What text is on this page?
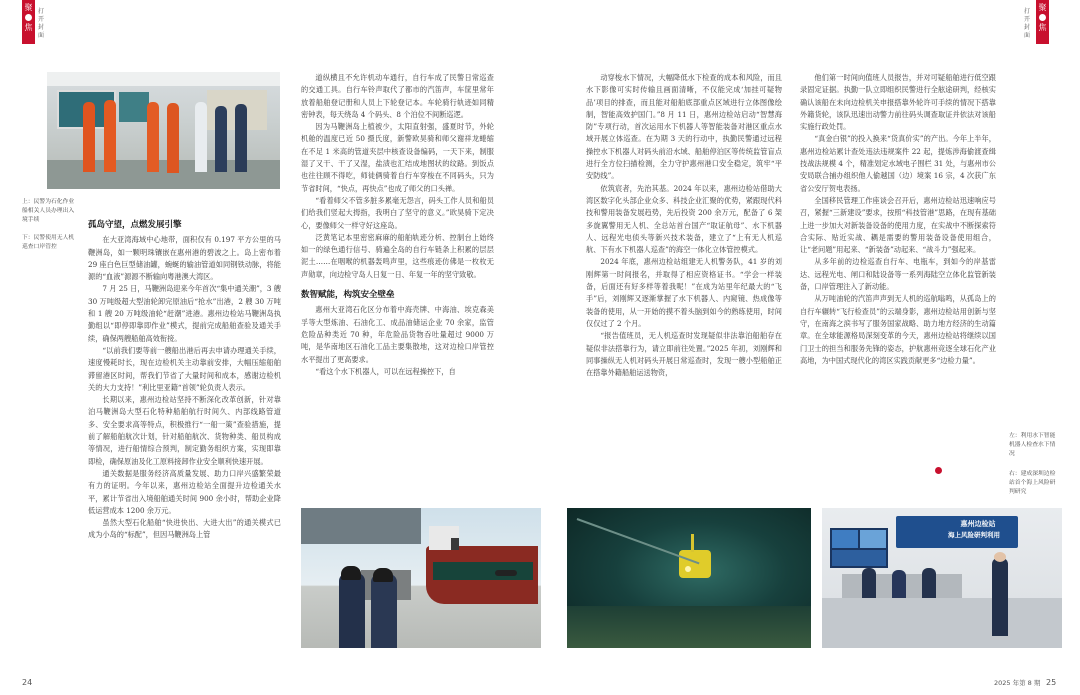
聚
焦
打开封面
聚
焦
打开封面
上：民警为石化作业船相关人员办理出入境手续
下：民警使用无人机巡查口岸管控
孤岛守望，点燃发展引擎

在大亚湾海域中心地带，面积仅有 0.197 平方公里的马鞭洲岛，如一颗明珠镶嵌在惠州港的碧波之上。岛上密布着 29 座白色巨型储油罐，蜿蜒的输油管道如同钢铁动脉，将能源的“血液”源源不断输向粤港澳大湾区。

7 月 25 日，马鞭洲岛迎来今年首次“集中通关潮”，3 艘 30 万吨级超大型油轮卸完原油后“抢水”出港，2 艘 30 万吨和 1 艘 20 万吨级油轮“赶潮”进港。惠州边检站马鞭洲岛执勤组以“即停即靠即作业”模式，提前完成船舶查验及通关手续，确保两艘船舶高效衔接。

“以前我们要等前一艘船出港后再去申请办理通关手续，速度慢耗时长，现在边检机关主动靠前安排，大幅压缩船舶滞留港区时间，帮我们节省了大量时间和成本，感谢边检机关的大力支持！”利比里亚籍“首领”轮负责人表示。

长期以来，惠州边检站坚持不断深化改革创新，针对靠泊马鞭洲岛大型石化特种船舶航行时间久、内部线路管道多、安全要求高等特点，积极推行“一船一策”查验措施，提前了解船舶航次计划，针对船舶航次、货物种类、船员构成等情况，进行船情综合预判，制定勤务组织方案，实现即靠即检，确保原油及化工原料接卸作业安全顺利快速开展。

通关数据是服务经济高质量发展、助力口岸兴盛繁荣最有力的证明。今年以来，惠州边检站全面提升边检通关水平，累计节省出入境船舶通关时间 900 余小时，帮助企业降低运营成本 1200 余万元。

虽然大型石化船舶“快进快出、大进大出”的通关模式已成为小岛的“标配”，但因马鞭洲岛上管

道纵横且不允许机动车通行，自行车成了民警日常巡查的交通工具。自行车铃声取代了都市的汽笛声，车筐里常年放着船舶登记册和人员上下轮登记本。车轮骑行轨迹如同精密钟表，每天绕岛 4 个码头、8 个泊位不间断巡逻。

因为马鞭洲岛上植被少，太阳直射强，盛夏时节，外轮机舱的温度已近 50 摄氏度，新警欧昊骑和师父谢祥龙蜷缩在不足 1 米高的管道夹层中核查设备编码，一天下来，制服湿了又干、干了又湿，盐渍也汇结成地图状的纹路。到饭点也往往顾不得吃，师徒俩骑着自行车穿梭在不同码头，只为节省时间，“快点，再快点”也成了师父的口头禅。

“看着师父不管多脏多累毫无怨言，码头工作人员和船员们给我们竖起大拇指，我明白了坚守的意义。”欧昊骑下定决心，要像师父一样守好这座岛。

泛黄笔记本里密密麻麻的船舶轨迹分析、控制台上始终如一的绿色通行信号、骑遍全岛的自行车链条上积累的层层泥土……在咽喉的机器轰鸣声里，这些痕迹仿佛是一枚枚无声勋章，向边检守岛人日复一日、年复一年的坚守致敬。

数智赋能，构筑安全壁垒

惠州大亚湾石化区分布着中海壳牌、中海油、埃克森美孚等大型炼油、石油化工、成品油储运企业 70 余家，监管危险品种类近 70 种，年危险品货物吞吐量超过 9000 万吨，是华南地区石油化工品主要集散地，这对边检口岸管控水平提出了更高要求。

“看这个水下机器人，可以在远程操控下，自

动穿梭水下情况，大幅降低水下检查的成本和风险，而且水下影像可实时传输且画面清晰，不仅能完成‘加挂可疑物品’项目的排查，而且能对船舶底部重点区域进行立体图像绘制，智能高效护国门。”8 月 11 日，惠州边检站启动“智慧海防”专项行动，首次运用水下机器人等智能装备对港区重点水域开展立体巡查。在为期 3 天的行动中，执勤民警通过远程操控水下机器人对码头前沿水域、船舶停泊区等传统监管盲点进行全方位扫描检测，全力守护惠州港口安全稳定，筑牢“平安防线”。

依筑宸者，先治其基。2024 年以来，惠州边检站借助大湾区数字化头部企业众多、科技企业汇聚的优势，紧跟现代科技和警用装备发展趋势，先后投资 200 余万元，配备了 6 架多旋翼警用无人机、全总站首台国产“取证航母”、水下机器人、远程光电侦头等新兴技术装备，建立了“上有无人机巡航、下有水下机器人巡查”的海空一体化立体管控模式。

2024 年底，惠州边检站组建无人机警务队，41 岁的刘刚辉第一时间报名，并取得了相应资格证书。“学会一样装备，后面还有好多样等着我呢！”在成为站里年纪最大的“飞手”后，刘刚辉又逐渐掌握了水下机器人、内窥镜、热成像等装备的使用，从一开始的摸不着头脑到如今的熟练使用，时间仅仅过了 2 个月。

“报告值班员，无人机巡查时发现疑似非法靠泊船舶存在疑似非法搭靠行为，请立即前往处置。”2025 年初，刘刚辉和同事操纵无人机对码头开展日常巡查时，发现一艘小型船舶正在搭靠外籍船舶运送物资，

他们第一时间向值班人员报告，并对可疑船舶进行低空跟录固定证据。执勤一队立即组织民警进行全舷途研判，经核实确认该船在未向边检机关申报搭靠外轮许可手续的情况下搭靠外籍货轮，该队迅速出动警力前往码头调查取证并依法对该船实施行政处罚。

“真金白银”的投入换来“货真价实”的产出。今年上半年，惠州边检站累计查处违法违规案件 22 起，提炼涉海偷渡查缉技战法规模 4 个，精准划定水域电子围栏 31 处，与惠州市公安局联合捕办组织他人偷越国（边）境案 16 宗，4 次获广东省公安厅贺电表扬。

全国移民管理工作座谈会召开后，惠州边检站迅速响应号召，紧握“三新建设”要求，按照“科技管港”思路，在现有基础上进一步加大对新装备设备的使用力度，在实战中不断探索符合实际、贴近实战、耦是需要的警用装备设备使用组合，让“老问题”用起来、“新装备”动起来、“战斗力”强起来。

从多年前的边检巡查自行车、电瓶车，到如今的岸基雷达、远程光电、闸口和陆设备等一系列海陆空立体化监管新装备，口岸管理注入了新动能。

从万吨油轮的汽笛声声到无人机的巡航嗡鸣，从孤岛上的自行车辗转“飞行检查员”的云端身影，惠州边检站用创新与坚守，在南海之滨书写了服务国家战略、助力地方经济的生动篇章。在全球能源格局深刻变革的今天，惠州边检站将继续以国门卫士的担当和服务先锋的姿态，护航惠州竞逐全球石化产业高地，为中国式现代化的湾区实践贡献更多“边检力量”。

左：利用水下智能机器人检查水下情况
右：建成深圳边检站首个海上风险研判研究
惠州边检站
海上风险研判利用
24	2025 年第 8 期 25
